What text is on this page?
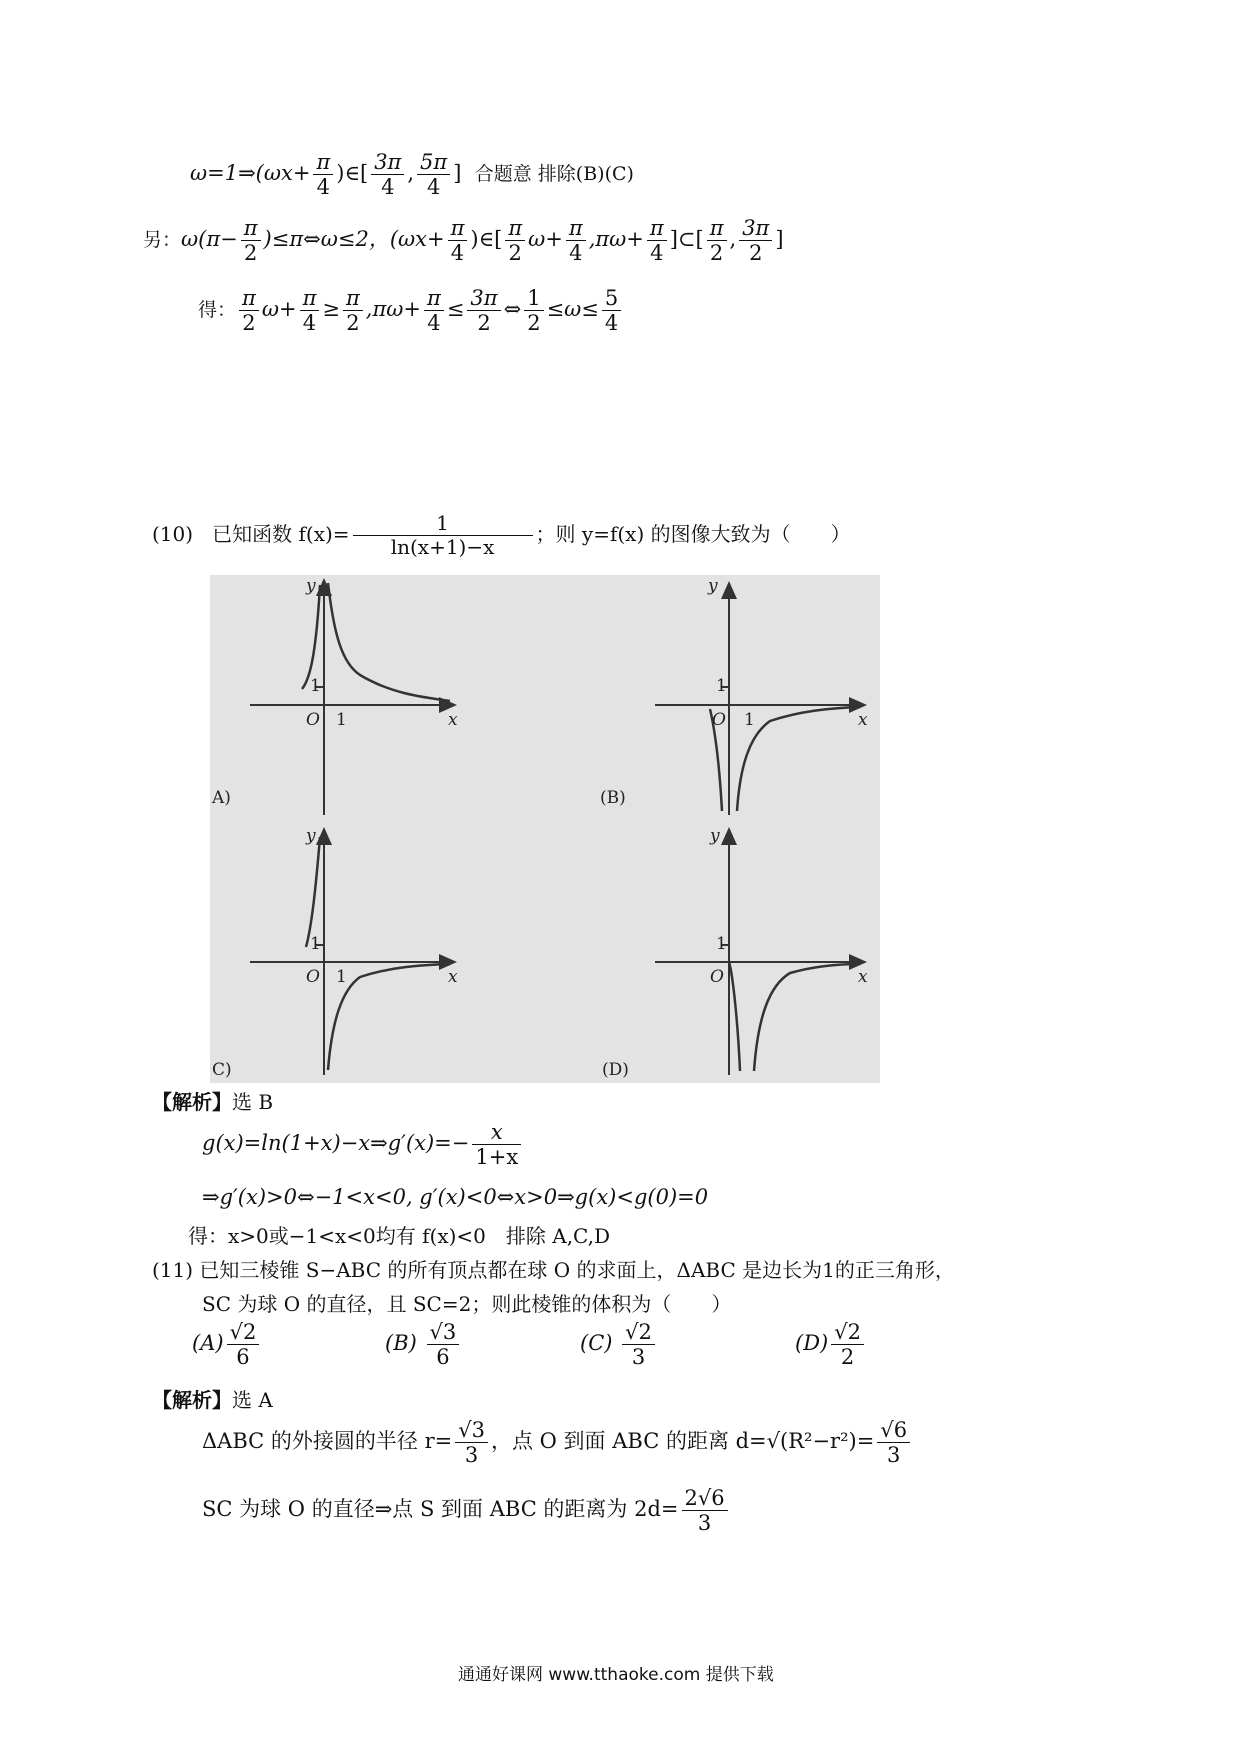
ω=1⇒(ωx+ $\frac{\pi}{4}$ )∈[ $\frac{3\pi}{4}$ , $\frac{5\pi}{4}$ ]  合题意 排除(B)(C)
另：$\omega(\pi- \frac{\pi}{2}$ )≤π⇔ω≤2，($\omega x+ \frac{\pi}{4}$ )∈[ $\frac{\pi}{2} \omega+ \frac{\pi}{4} ,\pi\omega+ \frac{\pi}{4}$ ]⊂[ $\frac{\pi}{2}$ , $\frac{3\pi}{2}$ ]
得： $\frac{\pi}{2} \omega+ \frac{\pi}{4} \ge \frac{\pi}{2} ,\pi\omega+ \frac{\pi}{4} \le \frac{3\pi}{2}$ ⇔ $\frac{1}{2} \le\omega\le \frac{5}{4}$
(10) 已知函数 $f(x)= \frac{1}{\ln(x+1)-x}$ ；则 y=f(x) 的图像大致为（　　）
x
y
O 1
1
A)
x
y
O 1
1
(B)
x
y
O 1
1
C)
x
y
O
1
(D)
【解析】选 B
g(x)=ln(1+x)−x⇒g′(x)=− $\frac{x}{1+x}$
⇒g′(x)>0⇔−1<x<0, g′(x)<0⇔x>0⇒g(x)<g(0)=0
得：x>0或−1<x<0均有 f(x)<0　排除 A,C,D
(11) 已知三棱锥 S−ABC 的所有顶点都在球 O 的求面上，ΔABC 是边长为1的正三角形，
SC 为球 O 的直径，且 SC=2；则此棱锥的体积为（　　）
$(A) \frac{√2}{6}$	$(B) \frac{√3}{6}$	$(C) \frac{√2}{3}$	$(D) \frac{√2}{2}$
【解析】选 A
ΔABC 的外接圆的半径 $r= \frac{√3}{3}$ ，点 O 到面 ABC 的距离 $d=√(R^2-r^2)= \frac{√6}{3}$
SC 为球 O 的直径⇒点 S 到面 ABC 的距离为 $2d= \frac{2√6}{3}$
通通好课网 www.tthaoke.com 提供下载
